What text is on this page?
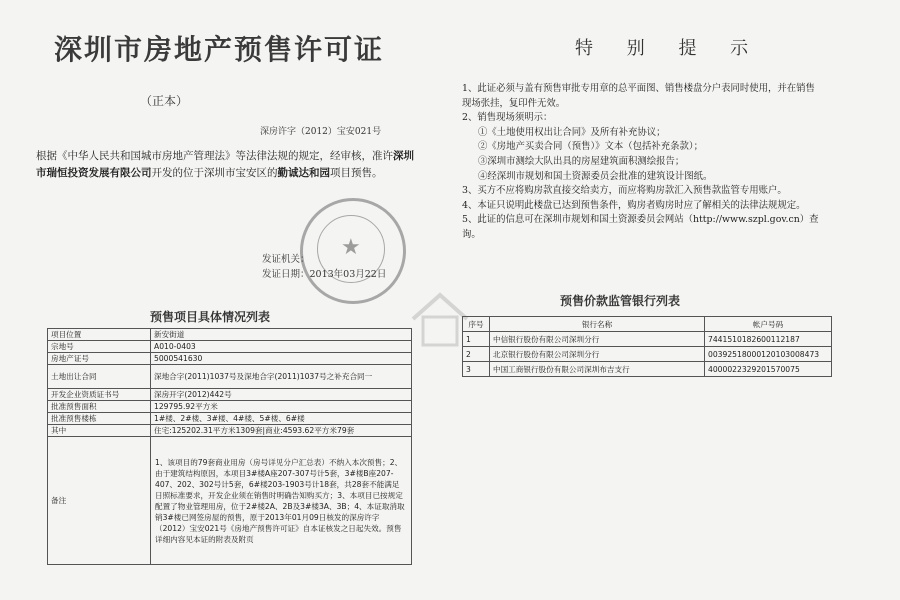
深圳市房地产预售许可证
（正本）
深房许字（2012）宝安021号
根据《中华人民共和国城市房地产管理法》等法律法规的规定，经审核，准许深圳市瑞恒投资发展有限公司开发的位于深圳市宝安区的勤诚达和园项目预售。
★
发证机关：
发证日期：2013年03月22日
预售项目具体情况列表
项目位置	新安街道
宗地号	A010-0403
房地产证号	5000541630
土地出让合同	深地合字(2011)1037号及深地合字(2011)1037号之补充合同一
开发企业资质证书号	深房开字(2012)442号
批准预售面积	129795.92平方米
批准预售楼栋	1#楼、2#楼、3#楼、4#楼、5#楼、6#楼
其中	住宅:125202.31平方米1309套|商业:4593.62平方米79套
备注	1、该项目的79套商业用房（房号详见分户汇总表）不纳入本次预售；2、由于建筑结构原因，本项目3#楼A座207-307号计5套，3#楼B座207-407、202、302号计5套，6#楼203-1903号计18套，共28套不能满足日照标准要求，开发企业须在销售时明确告知购买方；3、本项目已按规定配置了物业管理用房，位于2#楼2A、2B及3#楼3A、3B；4、本证取消取销3#楼已网签房屋的预售，原于2013年01月09日核发的深房许字（2012）宝安021号《房地产预售许可证》自本证核发之日起失效。预售详细内容见本证的附表及附页
特 别 提 示
1、此证必须与盖有预售审批专用章的总平面图、销售楼盘分户表同时使用，并在销售现场张挂，复印件无效。
2、销售现场须明示：
①《土地使用权出让合同》及所有补充协议；
②《房地产买卖合同（预售）》文本（包括补充条款）；
③深圳市测绘大队出具的房屋建筑面积测绘报告；
④经深圳市规划和国土资源委员会批准的建筑设计图纸。
3、买方不应将购房款直接交给卖方，而应将购房款汇入预售款监管专用账户。
4、本证只说明此楼盘已达到预售条件，购房者购房时应了解相关的法律法规规定。
5、此证的信息可在深圳市规划和国土资源委员会网站（http://www.szpl.gov.cn）查询。
预售价款监管银行列表
序号	银行名称	帐户号码
1	中信银行股份有限公司深圳分行	7441510182600112187
2	北京银行股份有限公司深圳分行	00392518000120103008473
3	中国工商银行股份有限公司深圳布吉支行	4000022329201570075
